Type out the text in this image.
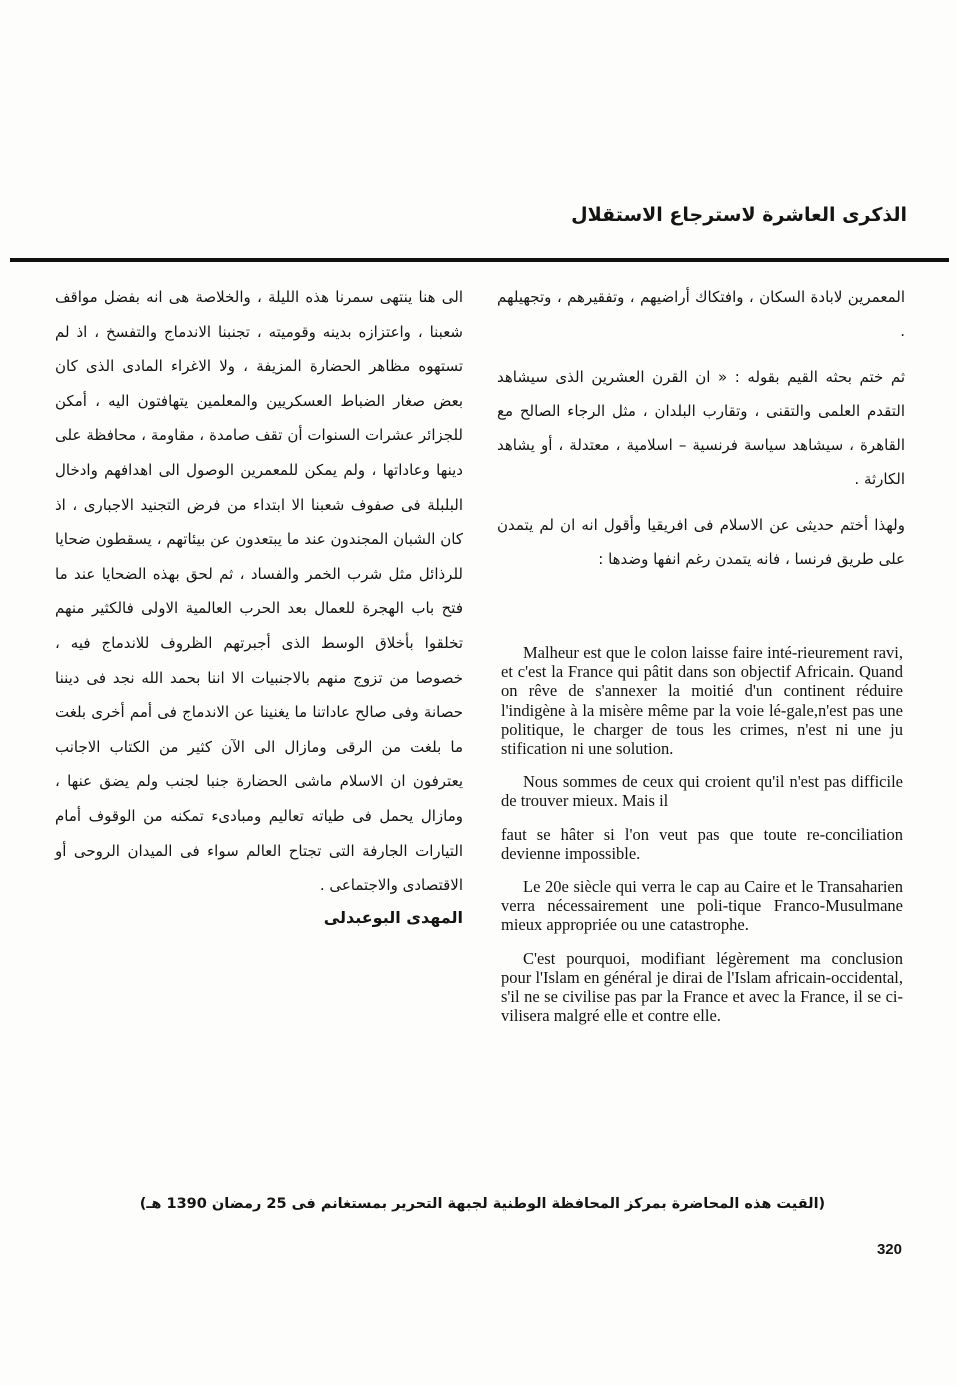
الذكرى العاشرة لاسترجاع الاستقلال

المعمرين لابادة السكان ، وافتكاك أراضيهم ، وتفقيرهم ، وتجهيلهم .

ثم ختم بحثه القيم بقوله : « ان القرن العشرين الذى سيشاهد التقدم العلمى والتقنى ، وتقارب البلدان ، مثل الرجاء الصالح مع القاهرة ، سيشاهد سياسة فرنسية – اسلامية ، معتدلة ، أو يشاهد الكارثة .

ولهذا أختم حديثى عن الاسلام فى افريقيا وأقول انه ان لم يتمدن على طريق فرنسا ، فانه يتمدن رغم انفها وضدها :

Malheur est que le colon laisse faire inté-rieurement ravi, et c'est la France qui pâtit dans son objectif Africain. Quand on rêve de s'annexer la moitié d'un continent réduire l'indigène à la misère même par la voie lé-gale,n'est pas une politique, le charger de tous les crimes, n'est ni une ju stification ni une solution.

Nous sommes de ceux qui croient qu'il n'est pas difficile de trouver mieux. Mais il

faut se hâter si l'on veut pas que toute re-conciliation devienne impossible.

Le 20e siècle qui verra le cap au Caire et le Transaharien verra nécessairement une poli-tique Franco-Musulmane mieux appropriée ou une catastrophe.

C'est pourquoi, modifiant légèrement ma conclusion pour l'Islam en général je dirai de l'Islam africain-occidental, s'il ne se civilise pas par la France et avec la France, il se ci-vilisera malgré elle et contre elle.

الى هنا ينتهى سمرنا هذه الليلة ، والخلاصة هى انه بفضل مواقف شعبنا ، واعتزازه بدينه وقوميته ، تجنبنا الاندماج والتفسخ ، اذ لم تستهوه مظاهر الحضارة المزيفة ، ولا الاغراء المادى الذى كان بعض صغار الضباط العسكريين والمعلمين يتهافتون اليه ، أمكن للجزائر عشرات السنوات أن تقف صامدة ، مقاومة ، محافظة على دينها وعاداتها ، ولم يمكن للمعمرين الوصول الى اهدافهم وادخال البلبلة فى صفوف شعبنا الا ابتداء من فرض التجنيد الاجبارى ، اذ كان الشبان المجندون عند ما يبتعدون عن بيئاتهم ، يسقطون ضحايا للرذائل مثل شرب الخمر والفساد ، ثم لحق بهذه الضحايا عند ما فتح باب الهجرة للعمال بعد الحرب العالمية الاولى فالكثير منهم تخلقوا بأخلاق الوسط الذى أجبرتهم الظروف للاندماج فيه ، خصوصا من تزوج منهم بالاجنبيات الا اننا بحمد الله نجد فى ديننا حصانة وفى صالح عاداتنا ما يغنينا عن الاندماج فى أمم أخرى بلغت ما بلغت من الرقى ومازال الى الآن كثير من الكتاب الاجانب يعترفون ان الاسلام ماشى الحضارة جنبا لجنب ولم يضق عنها ، ومازال يحمل فى طياته تعاليم ومبادىء تمكنه من الوقوف أمام التيارات الجارفة التى تجتاح العالم سواء فى الميدان الروحى أو الاقتصادى والاجتماعى .

المهدى البوعبدلى
(القيت هذه المحاضرة بمركز المحافظة الوطنية لجبهة التحرير بمستغانم فى 25 رمضان 1390 هـ)
320
